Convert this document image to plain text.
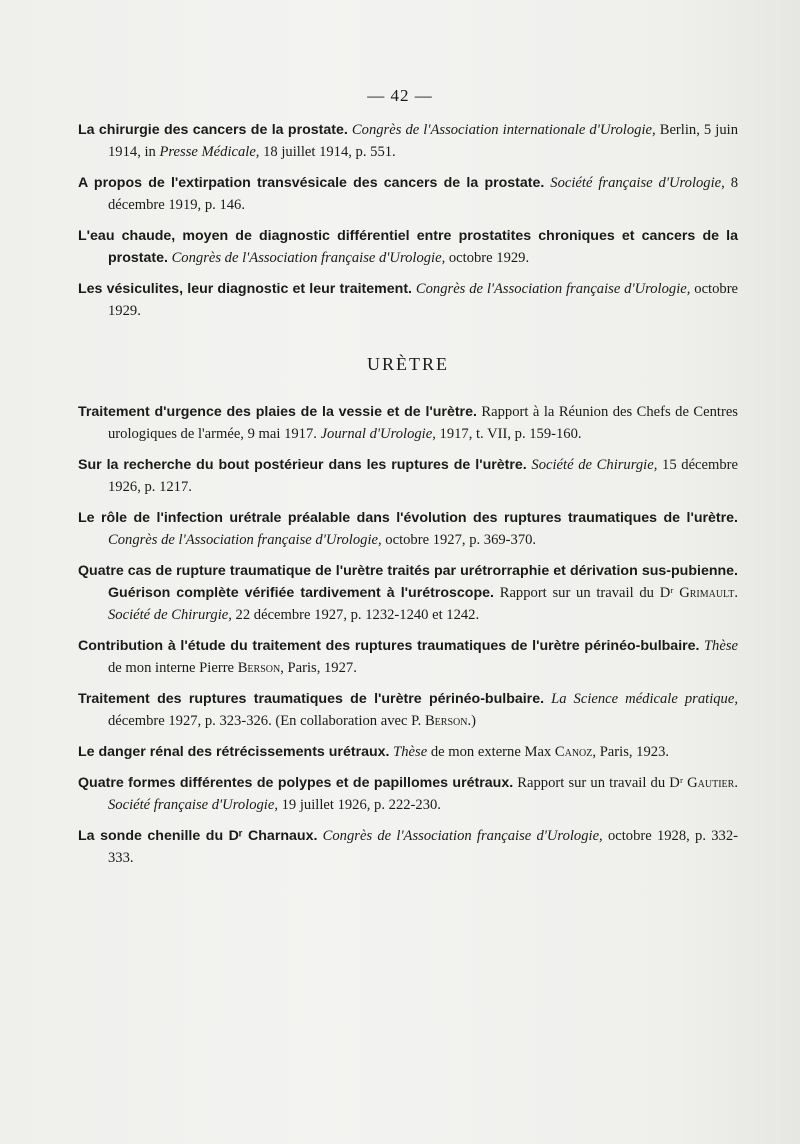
— 42 —

La chirurgie des cancers de la prostate. Congrès de l'Association internationale d'Urologie, Berlin, 5 juin 1914, in Presse Médicale, 18 juillet 1914, p. 551.

A propos de l'extirpation transvésicale des cancers de la prostate. Société française d'Urologie, 8 décembre 1919, p. 146.

L'eau chaude, moyen de diagnostic différentiel entre prostatites chroniques et cancers de la prostate. Congrès de l'Association française d'Urologie, octobre 1929.

Les vésiculites, leur diagnostic et leur traitement. Congrès de l'Association française d'Urologie, octobre 1929.

URÈTRE

Traitement d'urgence des plaies de la vessie et de l'urètre. Rapport à la Réunion des Chefs de Centres urologiques de l'armée, 9 mai 1917. Journal d'Urologie, 1917, t. VII, p. 159-160.

Sur la recherche du bout postérieur dans les ruptures de l'urètre. Société de Chirurgie, 15 décembre 1926, p. 1217.

Le rôle de l'infection urétrale préalable dans l'évolution des ruptures traumatiques de l'urètre. Congrès de l'Association française d'Urologie, octobre 1927, p. 369-370.

Quatre cas de rupture traumatique de l'urètre traités par urétrorraphie et dérivation sus-pubienne. Guérison complète vérifiée tardivement à l'urétroscope. Rapport sur un travail du Dʳ Grimault. Société de Chirurgie, 22 décembre 1927, p. 1232-1240 et 1242.

Contribution à l'étude du traitement des ruptures traumatiques de l'urètre périnéo-bulbaire. Thèse de mon interne Pierre Berson, Paris, 1927.

Traitement des ruptures traumatiques de l'urètre périnéo-bulbaire. La Science médicale pratique, décembre 1927, p. 323-326. (En collaboration avec P. Berson.)

Le danger rénal des rétrécissements urétraux. Thèse de mon externe Max Canoz, Paris, 1923.

Quatre formes différentes de polypes et de papillomes urétraux. Rapport sur un travail du Dʳ Gautier. Société française d'Urologie, 19 juillet 1926, p. 222-230.

La sonde chenille du Dʳ Charnaux. Congrès de l'Association française d'Urologie, octobre 1928, p. 332-333.
